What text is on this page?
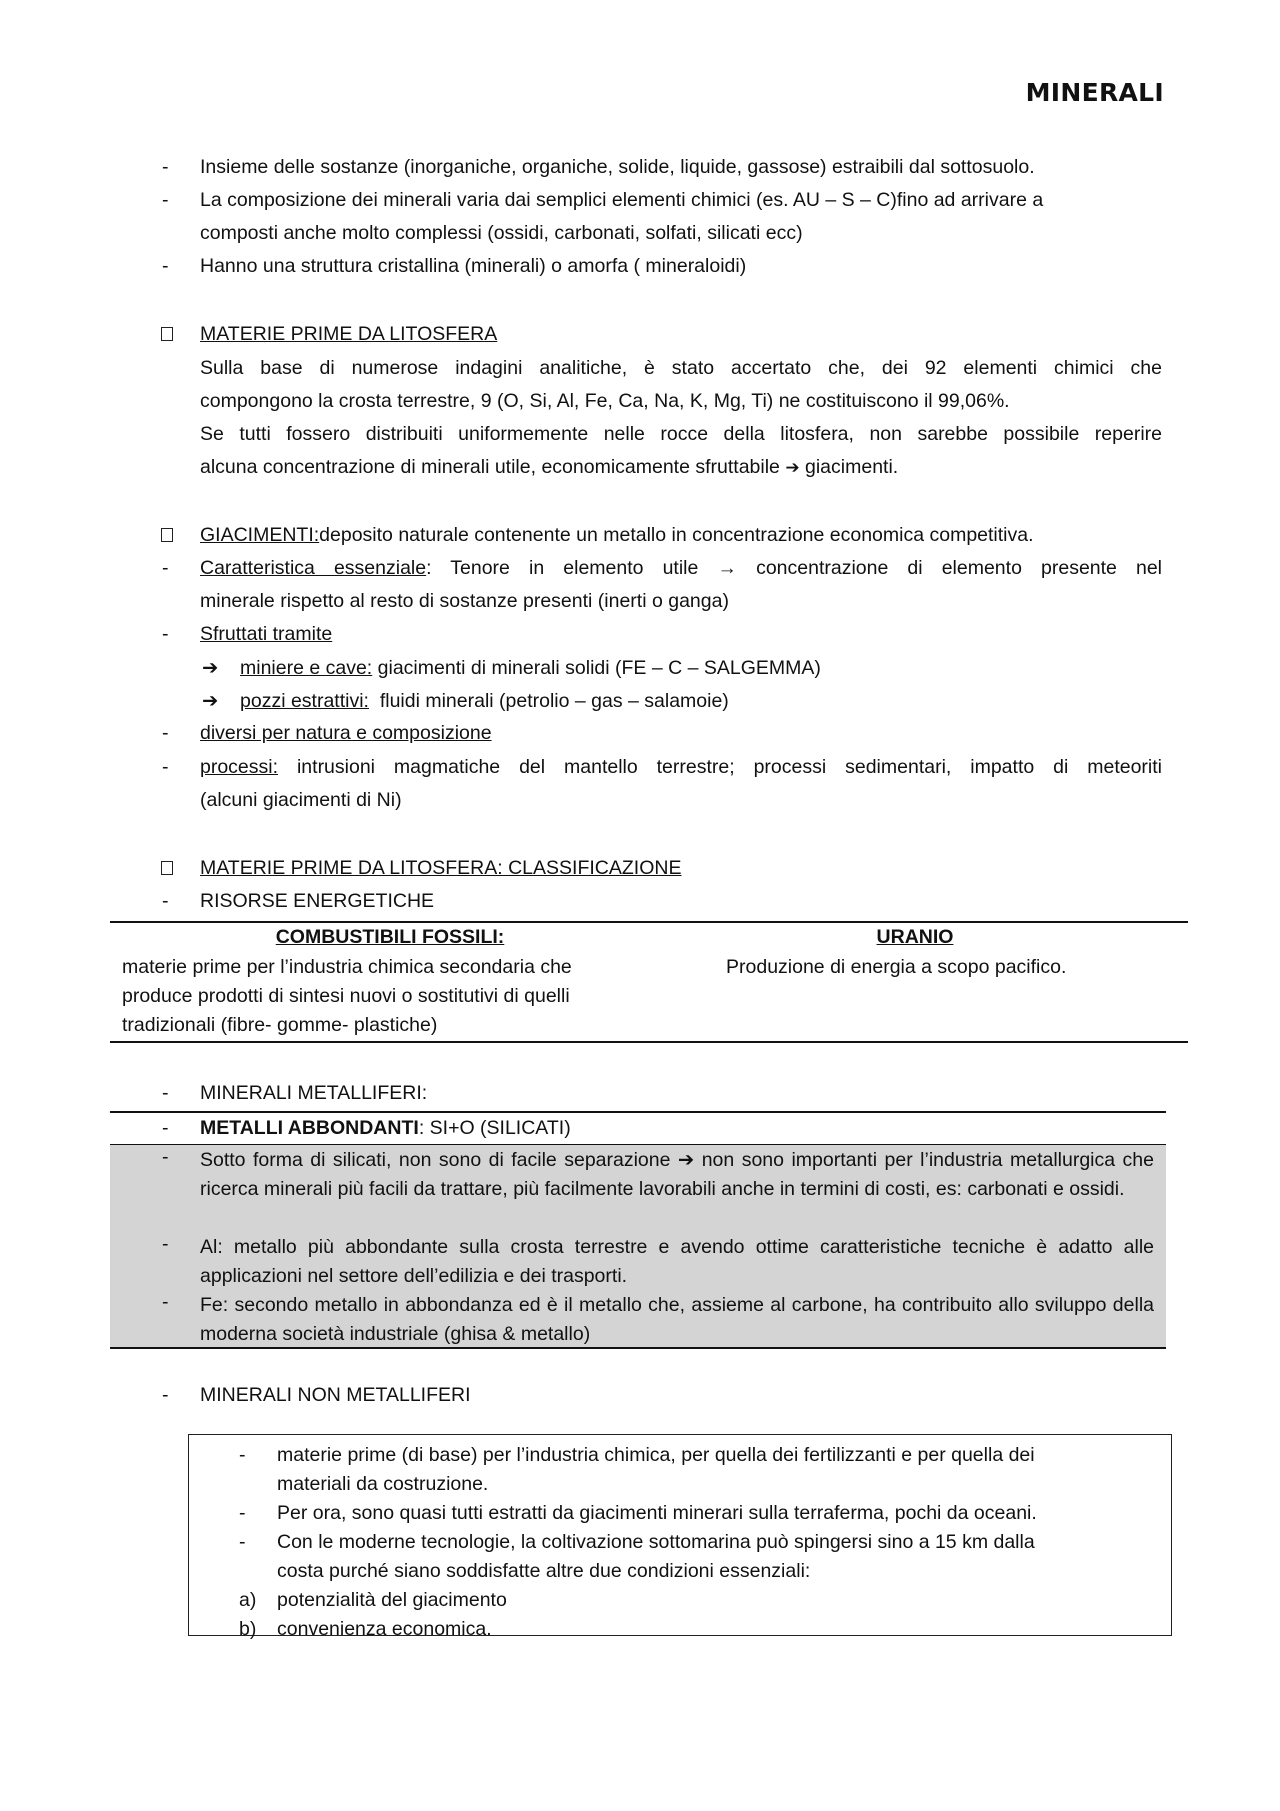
MINERALI
- Insieme delle sostanze (inorganiche, organiche, solide, liquide, gassose) estraibili dal sottosuolo.
- La composizione dei minerali varia dai semplici elementi chimici (es. AU – S – C)fino ad arrivare a
composti anche molto complessi (ossidi, carbonati, solfati, silicati ecc)
- Hanno una struttura cristallina (minerali) o amorfa ( mineraloidi)
MATERIE PRIME DA LITOSFERA
Sulla base di numerose indagini analitiche, è stato accertato che, dei 92 elementi chimici che
compongono la crosta terrestre, 9 (O, Si, Al, Fe, Ca, Na, K, Mg, Ti) ne costituiscono il 99,06%.
Se tutti fossero distribuiti uniformemente nelle rocce della litosfera, non sarebbe possibile reperire
alcuna concentrazione di minerali utile, economicamente sfruttabile ➔ giacimenti.
GIACIMENTI:deposito naturale contenente un metallo in concentrazione economica competitiva.
- Caratteristica essenziale: Tenore in elemento utile → concentrazione di elemento presente nel
minerale rispetto al resto di sostanze presenti (inerti o ganga)
- Sfruttati tramite
➔ miniere e cave: giacimenti di minerali solidi (FE – C – SALGEMMA)
➔ pozzi estrattivi: fluidi minerali (petrolio – gas – salamoie)
- diversi per natura e composizione
- processi: intrusioni magmatiche del mantello terrestre; processi sedimentari, impatto di meteoriti
(alcuni giacimenti di Ni)
MATERIE PRIME DA LITOSFERA: CLASSIFICAZIONE
- RISORSE ENERGETICHE
COMBUSTIBILI FOSSILI:	URANIO
materie prime per l’industria chimica secondaria che
produce prodotti di sintesi nuovi o sostitutivi di quelli
tradizionali (fibre- gomme- plastiche)
Produzione di energia a scopo pacifico.
- MINERALI METALLIFERI:
- METALLI ABBONDANTI: SI+O (SILICATI)
- Sotto forma di silicati, non sono di facile separazione ➔ non sono importanti per l’industria metallurgica che ricerca minerali più facili da trattare, più facilmente lavorabili anche in termini di costi, es: carbonati e ossidi.
- Al: metallo più abbondante sulla crosta terrestre e avendo ottime caratteristiche tecniche è adatto alle applicazioni nel settore dell’edilizia e dei trasporti.
- Fe: secondo metallo in abbondanza ed è il metallo che, assieme al carbone, ha contribuito allo sviluppo della moderna società industriale (ghisa & metallo)
- MINERALI NON METALLIFERI
- materie prime (di base) per l’industria chimica, per quella dei fertilizzanti e per quella dei
materiali da costruzione.
- Per ora, sono quasi tutti estratti da giacimenti minerari sulla terraferma, pochi da oceani.
- Con le moderne tecnologie, la coltivazione sottomarina può spingersi sino a 15 km dalla
costa purché siano soddisfatte altre due condizioni essenziali:
a) potenzialità del giacimento
b) convenienza economica.
